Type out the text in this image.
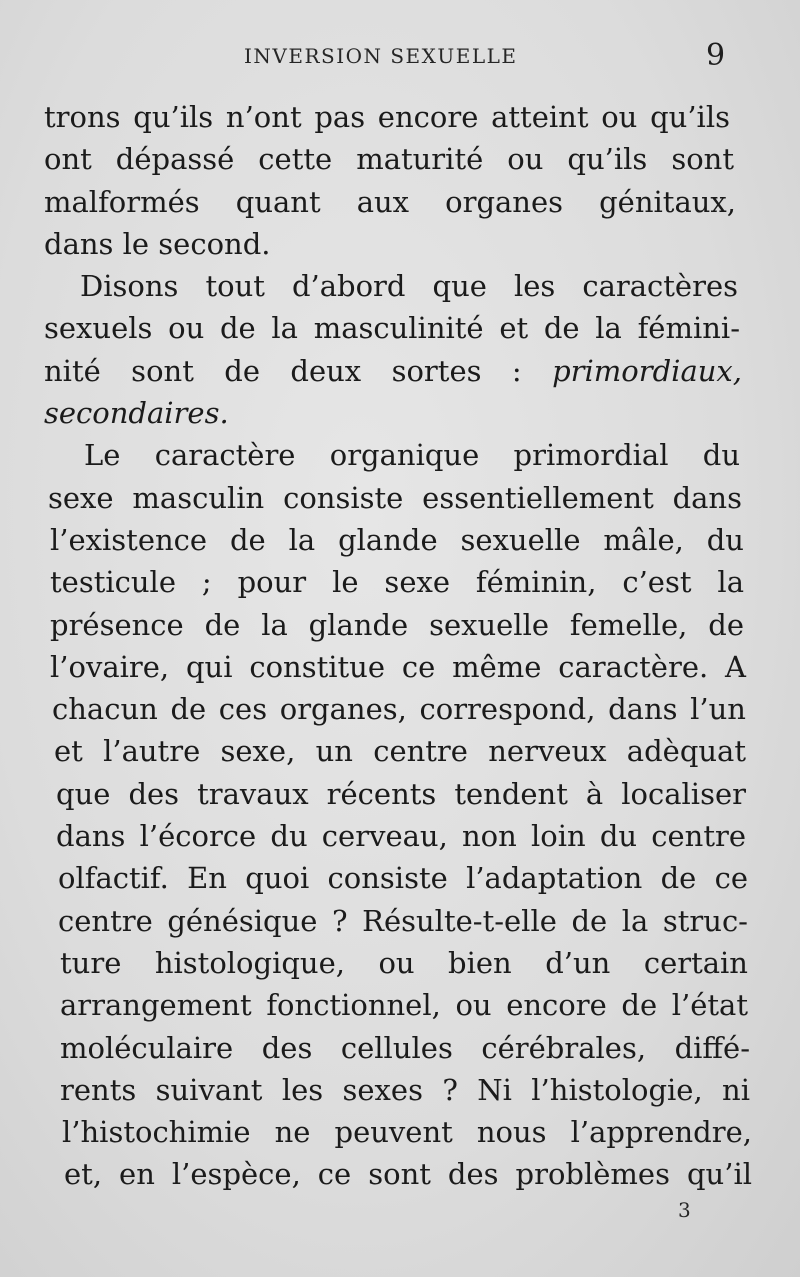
INVERSION SEXUELLE	9
trons qu’ils n’ont pas encore atteint ou qu’ils
ont dépassé cette maturité ou qu’ils sont
malformés quant aux organes génitaux,
dans le second.
Disons tout d’abord que les caractères
sexuels ou de la masculinité et de la fémini-
nité sont de deux sortes : primordiaux,
secondaires.
Le caractère organique primordial du
sexe masculin consiste essentiellement dans
l’existence de la glande sexuelle mâle, du
testicule ; pour le sexe féminin, c’est la
présence de la glande sexuelle femelle, de
l’ovaire, qui constitue ce même caractère. A
chacun de ces organes, correspond, dans l’un
et l’autre sexe, un centre nerveux adèquat
que des travaux récents tendent à localiser
dans l’écorce du cerveau, non loin du centre
olfactif. En quoi consiste l’adaptation de ce
centre génésique ? Résulte-t-elle de la struc-
ture histologique, ou bien d’un certain
arrangement fonctionnel, ou encore de l’état
moléculaire des cellules cérébrales, diffé-
rents suivant les sexes ? Ni l’histologie, ni
l’histochimie ne peuvent nous l’apprendre,
et, en l’espèce, ce sont des problèmes qu’il
3
